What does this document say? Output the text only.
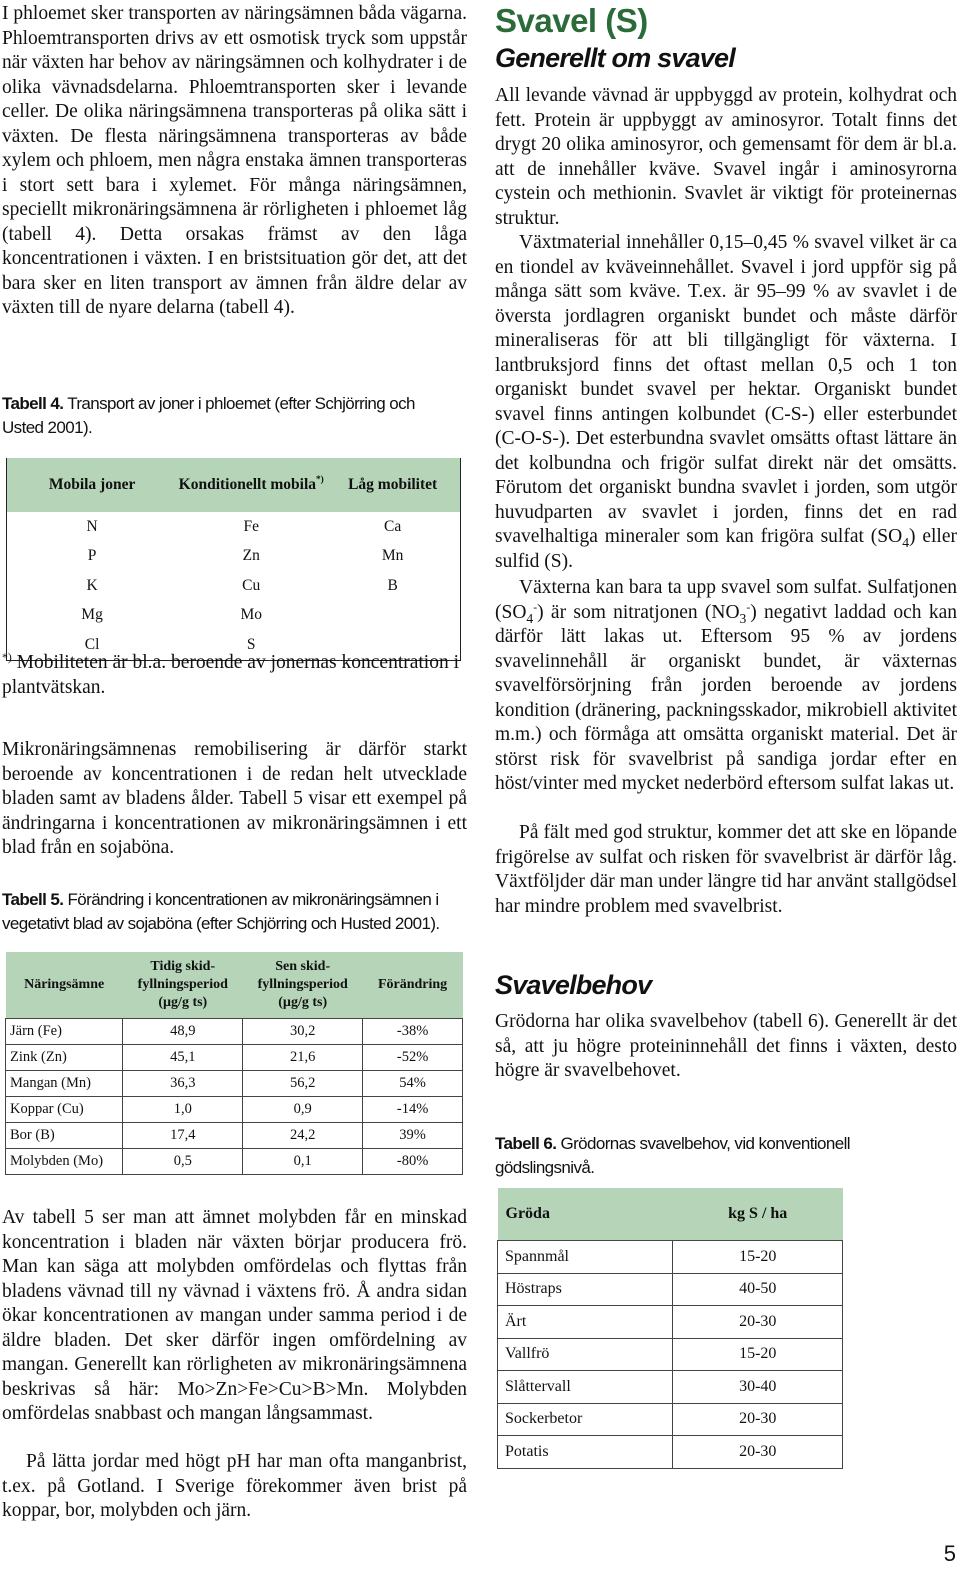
I phloemet sker transporten av näringsämnen båda vägarna. Phloemtransporten drivs av ett osmotisk tryck som uppstår när växten har behov av näringsämnen och kolhydrater i de olika vävnadsdelarna. Phloemtransporten sker i levande celler. De olika näringsämnena transporteras på olika sätt i växten. De flesta näringsämnena transporteras av både xylem och phloem, men några enstaka ämnen transporteras i stort sett bara i xylemet. För många näringsämnen, speciellt mikronäringsämnena är rörligheten i phloemet låg (tabell 4). Detta orsakas främst av den låga koncentrationen i växten. I en bristsituation gör det, att det bara sker en liten transport av ämnen från äldre delar av växten till de nyare delarna (tabell 4).

Tabell 4. Transport av joner i phloemet (efter Schjörring och Usted 2001).

Mobila joner	Konditionellt mobila*)	Låg mobilitet
N	Fe	Ca
P	Zn	Mn
K	Cu	B
Mg	Mo	
Cl	S	

*) Mobiliteten är bl.a. beroende av jonernas koncentration i plantvätskan.

Mikronäringsämnenas remobilisering är därför starkt beroende av koncentrationen i de redan helt utvecklade bladen samt av bladens ålder. Tabell 5 visar ett exempel på ändringarna i koncentrationen av mikronäringsämnen i ett blad från en sojaböna.

Tabell 5. Förändring i koncentrationen av mikronäringsämnen i vegetativt blad av sojaböna (efter Schjörring och Husted 2001).

Näringsämne	Tidig skid-fyllningsperiod (µg/g ts)	Sen skid-fyllningsperiod (µg/g ts)	Förändring
Järn (Fe)	48,9	30,2	-38%
Zink (Zn)	45,1	21,6	-52%
Mangan (Mn)	36,3	56,2	54%
Koppar (Cu)	1,0	0,9	-14%
Bor (B)	17,4	24,2	39%
Molybden (Mo)	0,5	0,1	-80%

Av tabell 5 ser man att ämnet molybden får en minskad koncentration i bladen när växten börjar producera frö. Man kan säga att molybden omfördelas och flyttas från bladens vävnad till ny vävnad i växtens frö. Å andra sidan ökar koncentrationen av mangan under samma period i de äldre bladen. Det sker därför ingen omfördelning av mangan. Generellt kan rörligheten av mikronäringsämnena beskrivas så här: Mo>Zn>Fe>Cu>B>Mn. Molybden omfördelas snabbast och mangan långsammast.

På lätta jordar med högt pH har man ofta manganbrist, t.ex. på Gotland. I Sverige förekommer även brist på koppar, bor, molybden och järn.

Svavel (S)
Generellt om svavel

All levande vävnad är uppbyggd av protein, kolhydrat och fett. Protein är uppbyggt av aminosyror. Totalt finns det drygt 20 olika aminosyror, och gemensamt för dem är bl.a. att de innehåller kväve. Svavel ingår i aminosyrorna cystein och methionin. Svavlet är viktigt för proteinernas struktur.

Växtmaterial innehåller 0,15–0,45 % svavel vilket är ca en tiondel av kväveinnehållet. Svavel i jord uppför sig på många sätt som kväve. T.ex. är 95–99 % av svavlet i de översta jordlagren organiskt bundet och måste därför mineraliseras för att bli tillgängligt för växterna. I lantbruksjord finns det oftast mellan 0,5 och 1 ton organiskt bundet svavel per hektar. Organiskt bundet svavel finns antingen kolbundet (C-S-) eller esterbundet (C-O-S-). Det esterbundna svavlet omsätts oftast lättare än det kolbundna och frigör sulfat direkt när det omsätts. Förutom det organiskt bundna svavlet i jorden, som utgör huvudparten av svavlet i jorden, finns det en rad svavelhaltiga mineraler som kan frigöra sulfat $(SO_4)$ eller sulfid (S).

Växterna kan bara ta upp svavel som sulfat. Sulfatjonen $(SO_4^-)$ är som nitratjonen $(NO_3^-)$ negativt laddad och kan därför lätt lakas ut. Eftersom 95 % av jordens svavelinnehåll är organiskt bundet, är växternas svavelförsörjning från jorden beroende av jordens kondition (dränering, packningsskador, mikrobiell aktivitet m.m.) och förmåga att omsätta organiskt material. Det är störst risk för svavelbrist på sandiga jordar efter en höst/vinter med mycket nederbörd eftersom sulfat lakas ut.

På fält med god struktur, kommer det att ske en löpande frigörelse av sulfat och risken för svavelbrist är därför låg. Växtföljder där man under längre tid har använt stallgödsel har mindre problem med svavelbrist.

Svavelbehov

Grödorna har olika svavelbehov (tabell 6). Generellt är det så, att ju högre proteininnehåll det finns i växten, desto högre är svavelbehovet.

Tabell 6. Grödornas svavelbehov, vid konventionell gödslingsnivå.

Gröda	kg S / ha
Spannmål	15-20
Höstraps	40-50
Ärt	20-30
Vallfrö	15-20
Slåttervall	30-40
Sockerbetor	20-30
Potatis	20-30
5
